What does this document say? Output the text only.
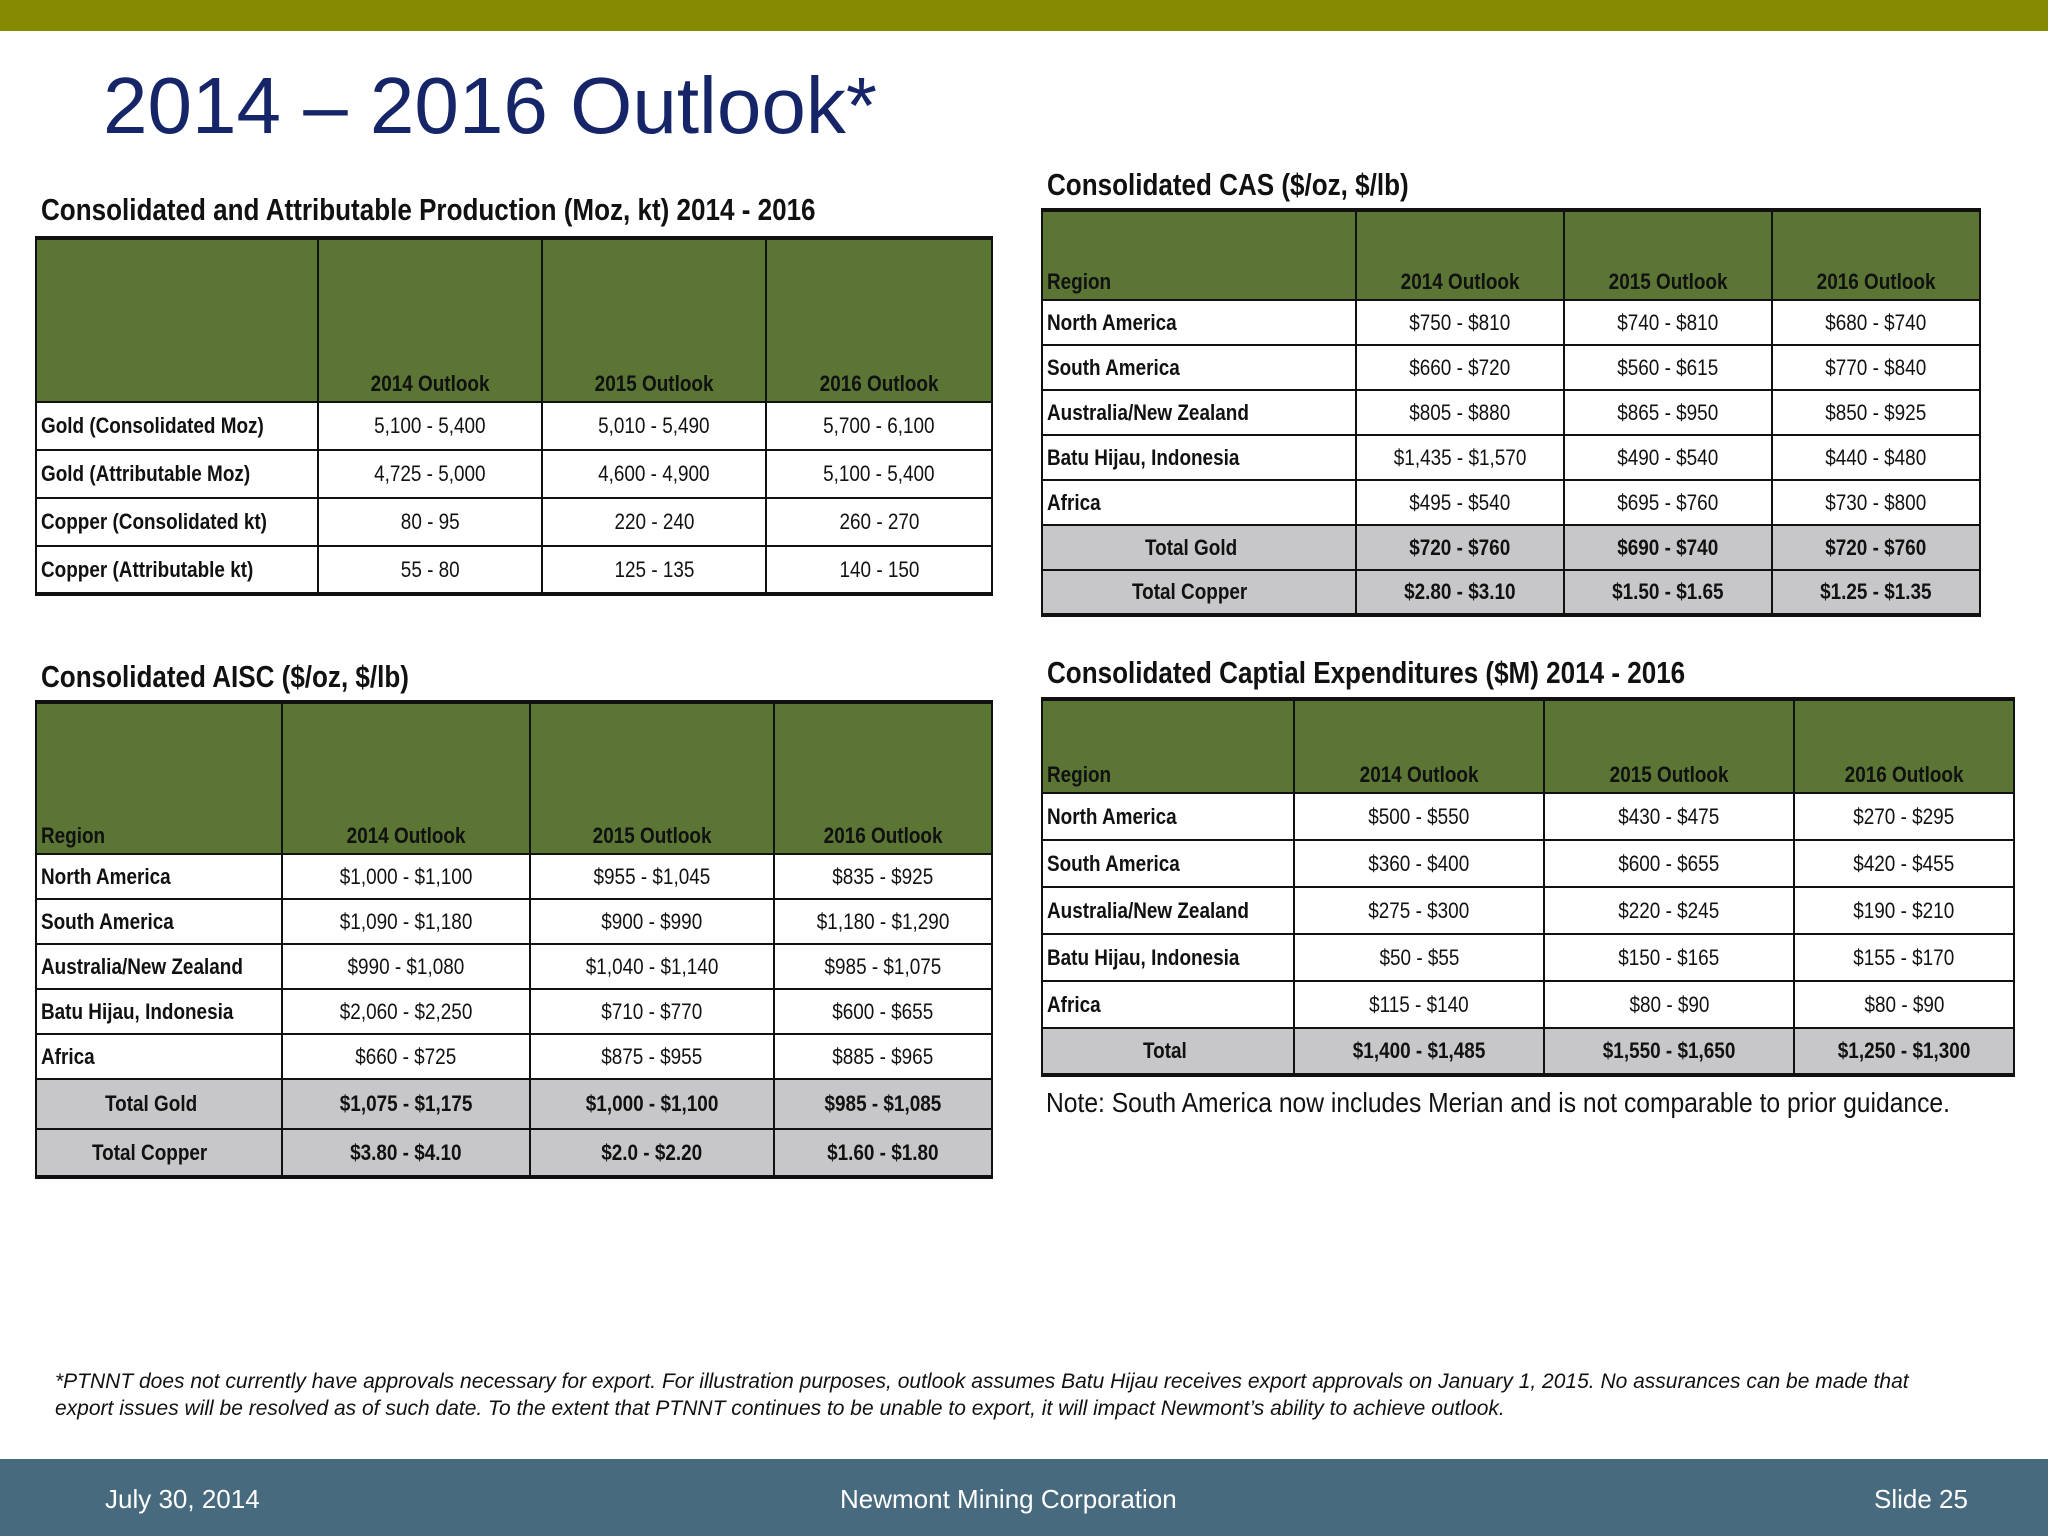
2014 – 2016 Outlook*
Consolidated and Attributable Production (Moz, kt) 2014 - 2016
	2014 Outlook	2015 Outlook	2016 Outlook
Gold (Consolidated Moz)	5,100 - 5,400	5,010 - 5,490	5,700 - 6,100
Gold (Attributable Moz)	4,725 - 5,000	4,600 - 4,900	5,100 - 5,400
Copper (Consolidated kt)	80 - 95	220 - 240	260 - 270
Copper (Attributable kt)	55 - 80	125 - 135	140 - 150
Consolidated CAS ($/oz, $/lb)
Region	2014 Outlook	2015 Outlook	2016 Outlook
North America	$750 - $810	$740 - $810	$680 - $740
South America	$660 - $720	$560 - $615	$770 - $840
Australia/New Zealand	$805 - $880	$865 - $950	$850 - $925
Batu Hijau, Indonesia	$1,435 - $1,570	$490 - $540	$440 - $480
Africa	$495 - $540	$695 - $760	$730 - $800
Total Gold	$720 - $760	$690 - $740	$720 - $760
Total Copper	$2.80 - $3.10	$1.50 - $1.65	$1.25 - $1.35
Consolidated AISC ($/oz, $/lb)
Region	2014 Outlook	2015 Outlook	2016 Outlook
North America	$1,000 - $1,100	$955 - $1,045	$835 - $925
South America	$1,090 - $1,180	$900 - $990	$1,180 - $1,290
Australia/New Zealand	$990 - $1,080	$1,040 - $1,140	$985 - $1,075
Batu Hijau, Indonesia	$2,060 - $2,250	$710 - $770	$600 - $655
Africa	$660 - $725	$875 - $955	$885 - $965
Total Gold	$1,075 - $1,175	$1,000 - $1,100	$985 - $1,085
Total Copper	$3.80 - $4.10	$2.0 - $2.20	$1.60 - $1.80
Consolidated Captial Expenditures ($M) 2014 - 2016
Region	2014 Outlook	2015 Outlook	2016 Outlook
North America	$500 - $550	$430 - $475	$270 - $295
South America	$360 - $400	$600 - $655	$420 - $455
Australia/New Zealand	$275 - $300	$220 - $245	$190 - $210
Batu Hijau, Indonesia	$50 - $55	$150 - $165	$155 - $170
Africa	$115 - $140	$80 - $90	$80 - $90
Total	$1,400 - $1,485	$1,550 - $1,650	$1,250 - $1,300
Note: South America now includes Merian and is not comparable to prior guidance.
*PTNNT does not currently have approvals necessary for export. For illustration purposes, outlook assumes Batu Hijau receives export approvals on January 1, 2015. No assurances can be made that export issues will be resolved as of such date. To the extent that PTNNT continues to be unable to export, it will impact Newmont’s ability to achieve outlook.
July 30, 2014	Newmont Mining Corporation	Slide 25
